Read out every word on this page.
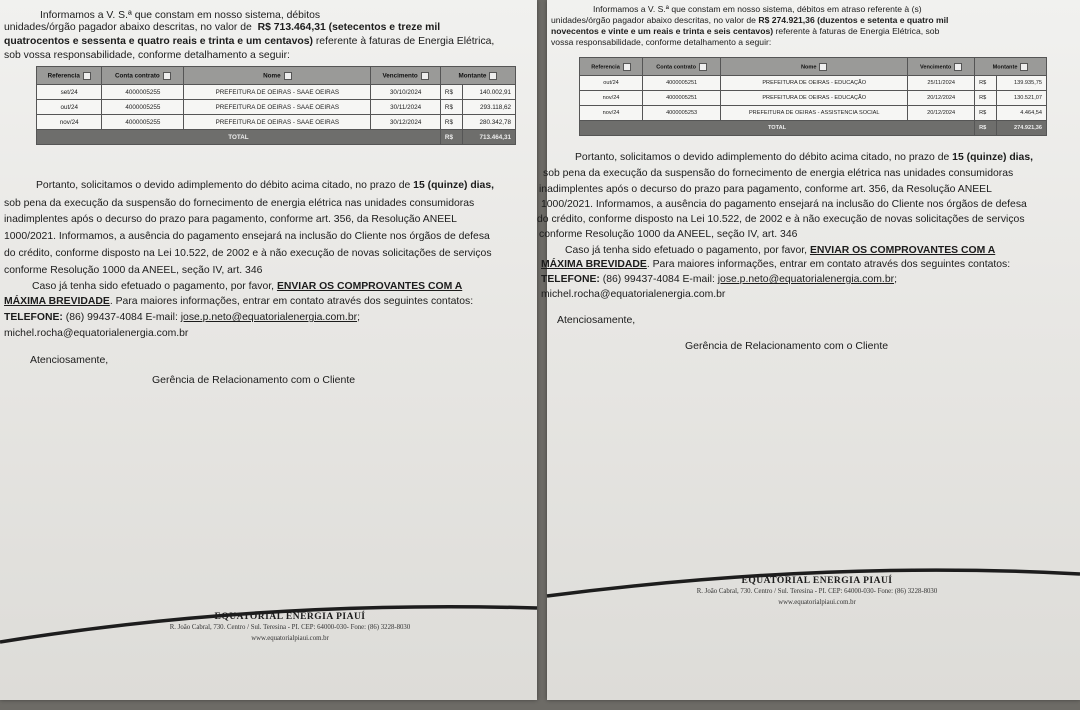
Informamos a V. S.ª que constam em nosso sistema, débitos

unidades/órgão pagador abaixo descritas, no valor de R$ 713.464,31 (setecentos e treze mil

quatrocentos e sessenta e quatro reais e trinta e um centavos) referente à faturas de Energia Elétrica,

sob vossa responsabilidade, conforme detalhamento a seguir:

Referencia	Conta contrato	Nome	Vencimento	Montante	
set/24	4000005255	PREFEITURA DE OEIRAS - SAAE OEIRAS	30/10/2024	R$	140.002,91
out/24	4000005255	PREFEITURA DE OEIRAS - SAAE OEIRAS	30/11/2024	R$	293.118,62
nov/24	4000005255	PREFEITURA DE OEIRAS - SAAE OEIRAS	30/12/2024	R$	280.342,78
TOTAL				R$	713.464,31

Portanto, solicitamos o devido adimplemento do débito acima citado, no prazo de 15 (quinze) dias,

sob pena da execução da suspensão do fornecimento de energia elétrica nas unidades consumidoras

inadimplentes após o decurso do prazo para pagamento, conforme art. 356, da Resolução ANEEL

1000/2021. Informamos, a ausência do pagamento ensejará na inclusão do Cliente nos órgãos de defesa

do crédito, conforme disposto na Lei 10.522, de 2002 e à não execução de novas solicitações de serviços

conforme Resolução 1000 da ANEEL, seção IV, art. 346

Caso já tenha sido efetuado o pagamento, por favor, ENVIAR OS COMPROVANTES COM A

MÁXIMA BREVIDADE. Para maiores informações, entrar em contato através dos seguintes contatos:

TELEFONE: (86) 99437-4084 E-mail: jose.p.neto@equatorialenergia.com.br;

michel.rocha@equatorialenergia.com.br

Atenciosamente,
Gerência de Relacionamento com o Cliente
EQUATORIAL ENERGIA PIAUÍ
R. João Cabral, 730. Centro / Sul. Teresina - PI. CEP: 64000-030- Fone: (86) 3228-8030
www.equatorialpiaui.com.br

Informamos a V. S.ª que constam em nosso sistema, débitos em atraso referente à (s)

unidades/órgão pagador abaixo descritas, no valor de R$ 274.921,36 (duzentos e setenta e quatro mil

novecentos e vinte e um reais e trinta e seis centavos) referente à faturas de Energia Elétrica, sob

vossa responsabilidade, conforme detalhamento a seguir:

Referencia	Conta contrato	Nome	Vencimento	Montante	
out/24	4000005251	PREFEITURA DE OEIRAS - EDUCAÇÃO	25/11/2024	R$	139.935,75
nov/24	4000005251	PREFEITURA DE OEIRAS - EDUCAÇÃO	20/12/2024	R$	130.521,07
nov/24	4000005253	PREFEITURA DE OEIRAS - ASSISTENCIA SOCIAL	20/12/2024	R$	4.464,54
TOTAL				R$	274.921,36

Portanto, solicitamos o devido adimplemento do débito acima citado, no prazo de 15 (quinze) dias,

sob pena da execução da suspensão do fornecimento de energia elétrica nas unidades consumidoras

inadimplentes após o decurso do prazo para pagamento, conforme art. 356, da Resolução ANEEL

1000/2021. Informamos, a ausência do pagamento ensejará na inclusão do Cliente nos órgãos de defesa

do crédito, conforme disposto na Lei 10.522, de 2002 e à não execução de novas solicitações de serviços

conforme Resolução 1000 da ANEEL, seção IV, art. 346

Caso já tenha sido efetuado o pagamento, por favor, ENVIAR OS COMPROVANTES COM A

MÁXIMA BREVIDADE. Para maiores informações, entrar em contato através dos seguintes contatos:

TELEFONE: (86) 99437-4084 E-mail: jose.p.neto@equatorialenergia.com.br;

michel.rocha@equatorialenergia.com.br

Atenciosamente,
Gerência de Relacionamento com o Cliente
EQUATORIAL ENERGIA PIAUÍ
R. João Cabral, 730. Centro / Sul. Teresina - PI. CEP: 64000-030- Fone: (86) 3228-8030
www.equatorialpiaui.com.br
